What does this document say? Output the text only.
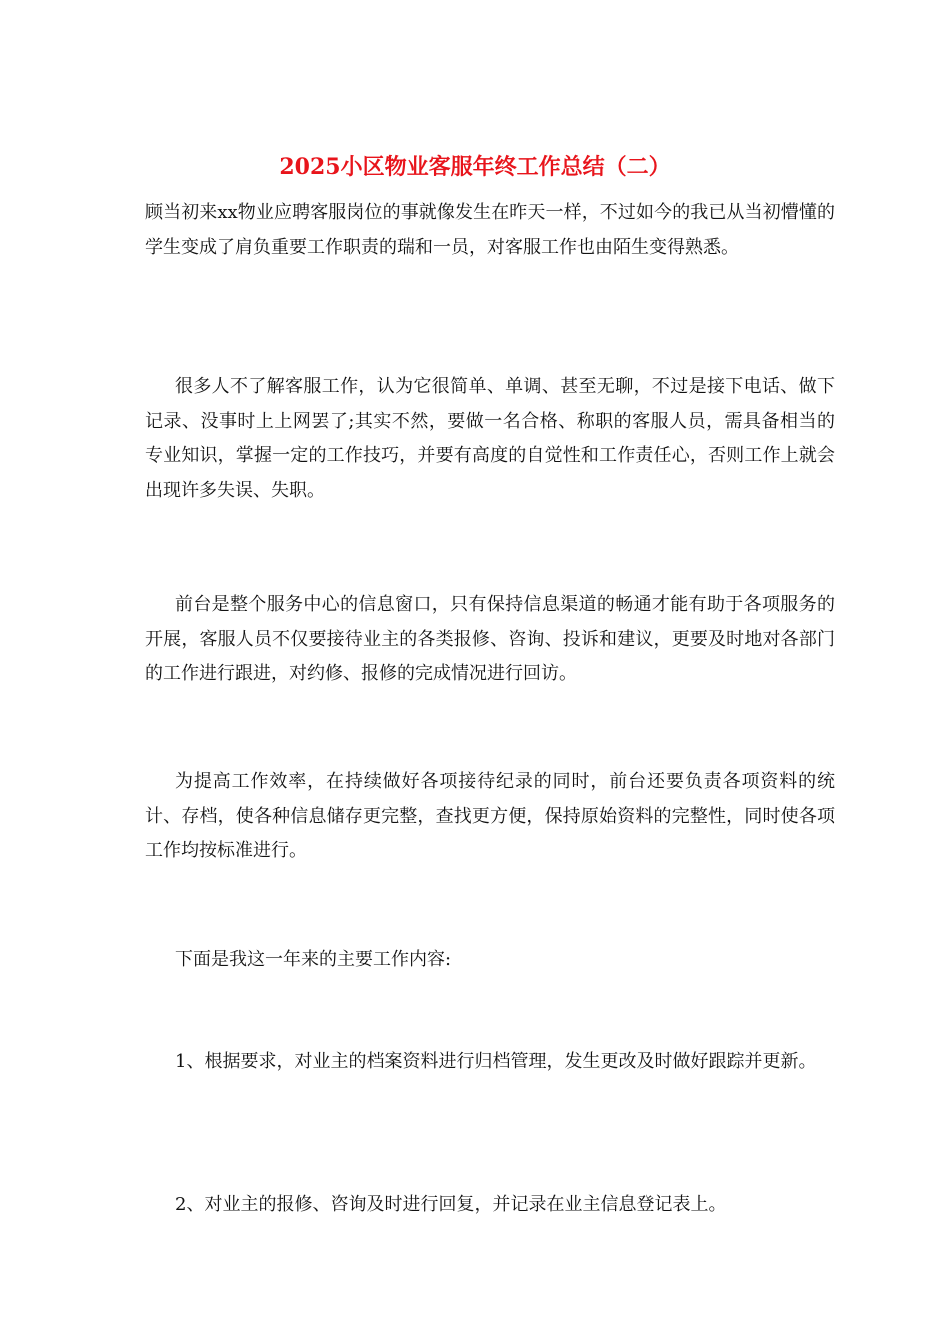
2025小区物业客服年终工作总结（二）

顾当初来xx物业应聘客服岗位的事就像发生在昨天一样，不过如今的我已从当初懵懂的学生变成了肩负重要工作职责的瑞和一员，对客服工作也由陌生变得熟悉。

很多人不了解客服工作，认为它很简单、单调、甚至无聊，不过是接下电话、做下记录、没事时上上网罢了;其实不然，要做一名合格、称职的客服人员，需具备相当的专业知识，掌握一定的工作技巧，并要有高度的自觉性和工作责任心，否则工作上就会出现许多失误、失职。

前台是整个服务中心的信息窗口，只有保持信息渠道的畅通才能有助于各项服务的开展，客服人员不仅要接待业主的各类报修、咨询、投诉和建议，更要及时地对各部门的工作进行跟进，对约修、报修的完成情况进行回访。

为提高工作效率，在持续做好各项接待纪录的同时，前台还要负责各项资料的统计、存档，使各种信息储存更完整，查找更方便，保持原始资料的完整性，同时使各项工作均按标准进行。

下面是我这一年来的主要工作内容:

1、根据要求，对业主的档案资料进行归档管理，发生更改及时做好跟踪并更新。

2、对业主的报修、咨询及时进行回复，并记录在业主信息登记表上。
